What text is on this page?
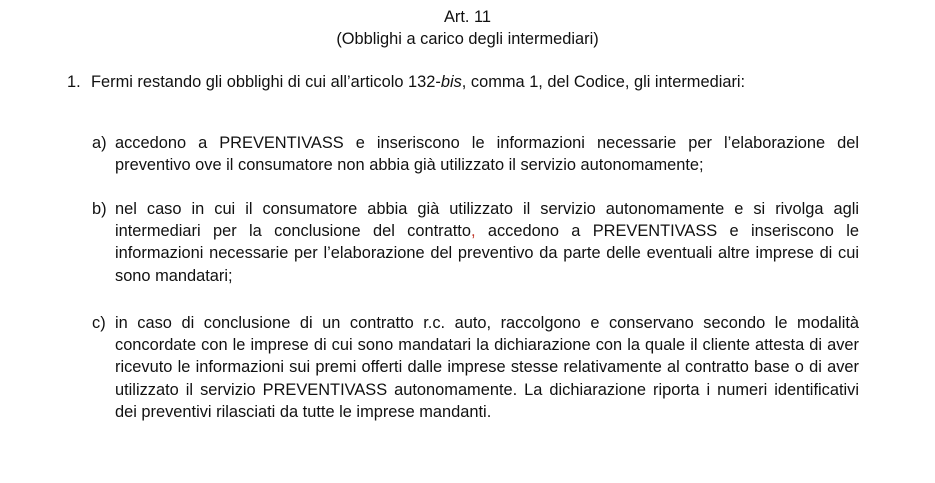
Art. 11
(Obblighi a carico degli intermediari)
1. Fermi restando gli obblighi di cui all’articolo 132-bis, comma 1, del Codice, gli intermediari:
a) accedono a PREVENTIVASS e inseriscono le informazioni necessarie per l’elaborazione del preventivo ove il consumatore non abbia già utilizzato il servizio autonomamente;
b) nel caso in cui il consumatore abbia già utilizzato il servizio autonomamente e si rivolga agli intermediari per la conclusione del contratto, accedono a PREVENTIVASS e inseriscono le informazioni necessarie per l’elaborazione del preventivo da parte delle eventuali altre imprese di cui sono mandatari;
c) in caso di conclusione di un contratto r.c. auto, raccolgono e conservano secondo le modalità concordate con le imprese di cui sono mandatari la dichiarazione con la quale il cliente attesta di aver ricevuto le informazioni sui premi offerti dalle imprese stesse relativamente al contratto base o di aver utilizzato il servizio PREVENTIVASS autonomamente. La dichiarazione riporta i numeri identificativi dei preventivi rilasciati da tutte le imprese mandanti.
